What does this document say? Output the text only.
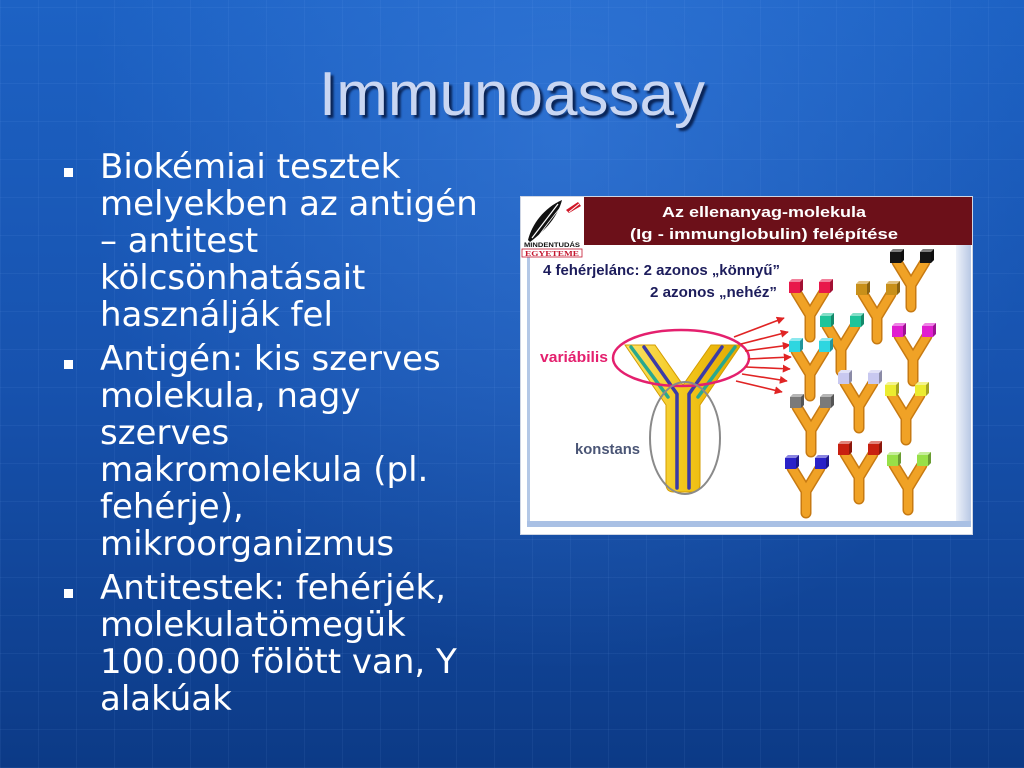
Immunoassay
Biokémiai tesztek
melyekben az antigén
– antitest
kölcsönhatásait
használják fel
Antigén: kis szerves
molekula, nagy
szerves
makromolekula (pl.
fehérje),
mikroorganizmus
Antitestek: fehérjék,
molekulatömegük
100.000 fölött van, Y
alakúak
MINDENTUDÁS
EGYETEME
Az ellenanyag-molekula
(Ig - immunglobulin) felépítése
4 fehérjelánc: 2 azonos „könnyű”
2 azonos „nehéz”
variábilis
konstans
